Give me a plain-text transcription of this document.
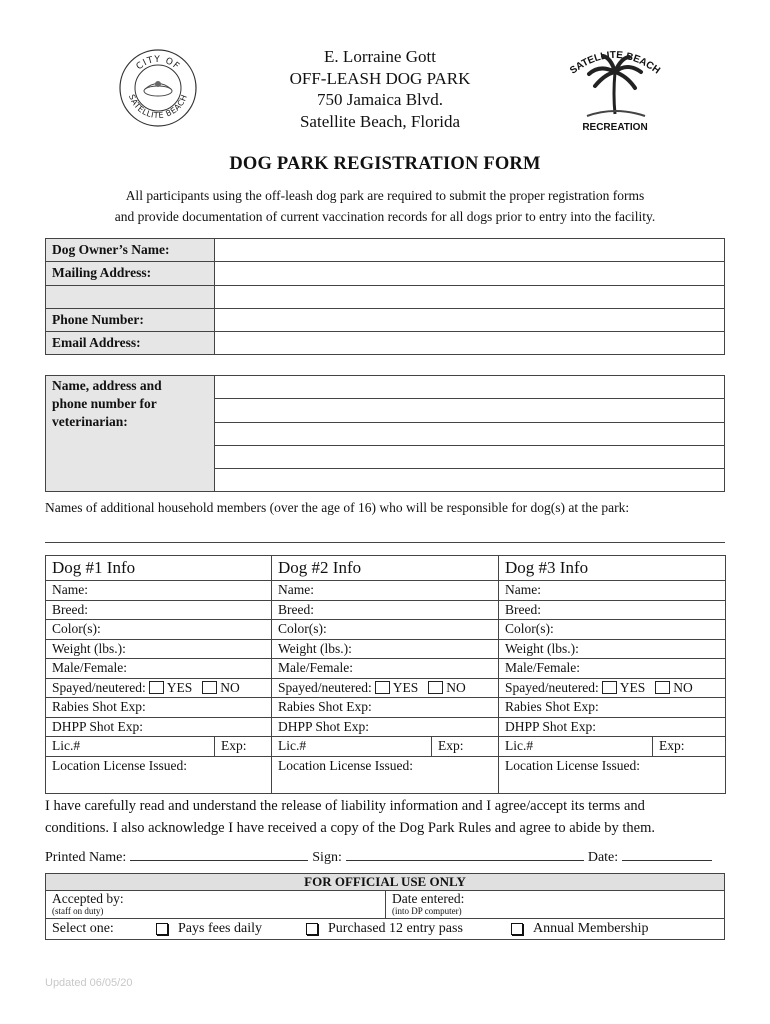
CITY OF
SATELLITE BEACH
E. Lorraine Gott
OFF-LEASH DOG PARK
750 Jamaica Blvd.
Satellite Beach, Florida
SATELLITE BEACH
RECREATION
DOG PARK REGISTRATION FORM
All participants using the off-leash dog park are required to submit the proper registration forms
and provide documentation of current vaccination records for all dogs prior to entry into the facility.
Dog Owner’s Name:	
Mailing Address:	

Phone Number:	
Email Address:	
Name, address and
phone number for
veterinarian:

Names of additional household members (over the age of 16) who will be responsible for dog(s) at the park:
Dog #1 Info	Dog #2 Info	Dog #3 Info
Name:	Name:	Name:
Breed:	Breed:	Breed:
Color(s):	Color(s):	Color(s):
Weight (lbs.):	Weight (lbs.):	Weight (lbs.):
Male/Female:	Male/Female:	Male/Female:

Spayed/neutered: YES NO	Spayed/neutered: YES NO	Spayed/neutered: YES NO

Rabies Shot Exp:	Rabies Shot Exp:	Rabies Shot Exp:
DHPP Shot Exp:	DHPP Shot Exp:	DHPP Shot Exp:

Lic.# Exp:	Lic.# Exp:	Lic.# Exp:

Location License Issued:	Location License Issued:	Location License Issued:
I have carefully read and understand the release of liability information and I agree/accept its terms and
conditions. I also acknowledge I have received a copy of the Dog Park Rules and agree to abide by them.
Printed Name:	Sign:	Date:
FOR OFFICIAL USE ONLY
Accepted by:
(staff on duty)
	Date entered:
(into DP computer)

Select one:	Pays fees daily	Purchased 12 entry pass	Annual Membership
Updated 06/05/20
